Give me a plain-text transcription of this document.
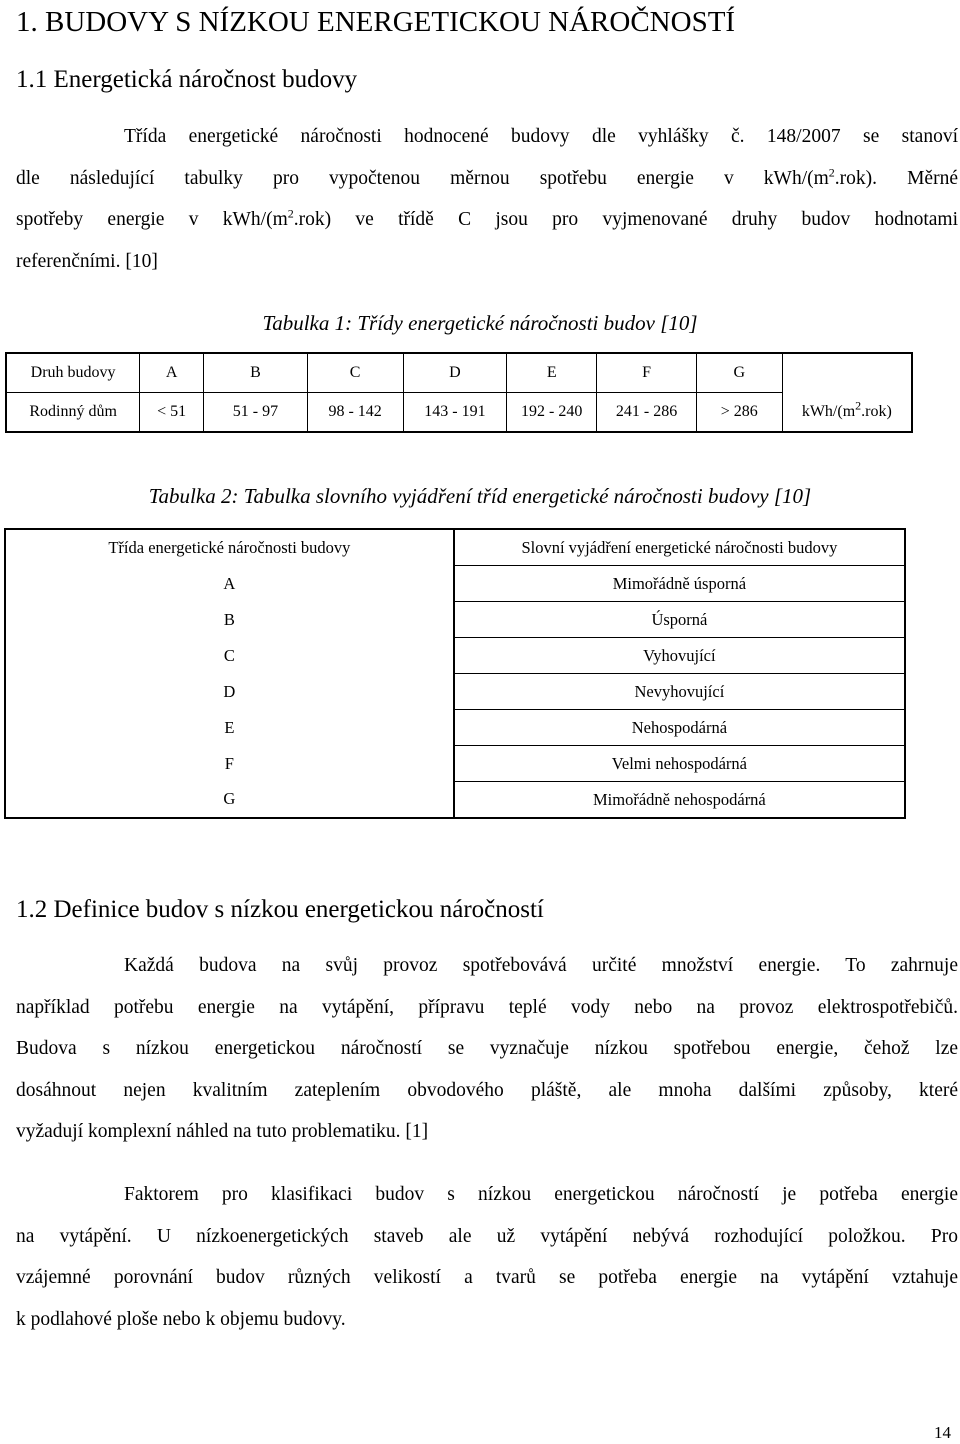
1. BUDOVY S NÍZKOU ENERGETICKOU NÁROČNOSTÍ
1.1 Energetická náročnost budovy
Třída energetické náročnosti hodnocené budovy dle vyhlášky č. 148/2007 se stanoví
dle následující tabulky pro vypočtenou měrnou spotřebu energie v kWh/$(m^2.rok)$. Měrné
spotřeby energie v kWh/$(m^2.rok)$ ve třídě C jsou pro vyjmenované druhy budov hodnotami
referenčními. [10]
Tabulka 1: Třídy energetické náročnosti budov [10]
Druh budovy	A	B	C	D	E	F	G	
Rodinný dům	< 51	51 - 97	98 - 142	143 - 191	192 - 240	241 - 286	> 286	kWh/$(m^2.rok)$
Tabulka 2: Tabulka slovního vyjádření tříd energetické náročnosti budovy [10]
Třída energetické náročnosti budovy	Slovní vyjádření energetické náročnosti budovy
A	Mimořádně úsporná
B	Úsporná
C	Vyhovující
D	Nevyhovující
E	Nehospodárná
F	Velmi nehospodárná
G	Mimořádně nehospodárná
1.2 Definice budov s nízkou energetickou náročností
Každá budova na svůj provoz spotřebovává určité množství energie. To zahrnuje
například potřebu energie na vytápění, přípravu teplé vody nebo na provoz elektrospotřebičů.
Budova s nízkou energetickou náročností se vyznačuje nízkou spotřebou energie, čehož lze
dosáhnout nejen kvalitním zateplením obvodového pláště, ale mnoha dalšími způsoby, které
vyžadují komplexní náhled na tuto problematiku. [1]
Faktorem pro klasifikaci budov s nízkou energetickou náročností je potřeba energie
na vytápění. U nízkoenergetických staveb ale už vytápění nebývá rozhodující položkou. Pro
vzájemné porovnání budov různých velikostí a tvarů se potřeba energie na vytápění vztahuje
k podlahové ploše nebo k objemu budovy.
14
